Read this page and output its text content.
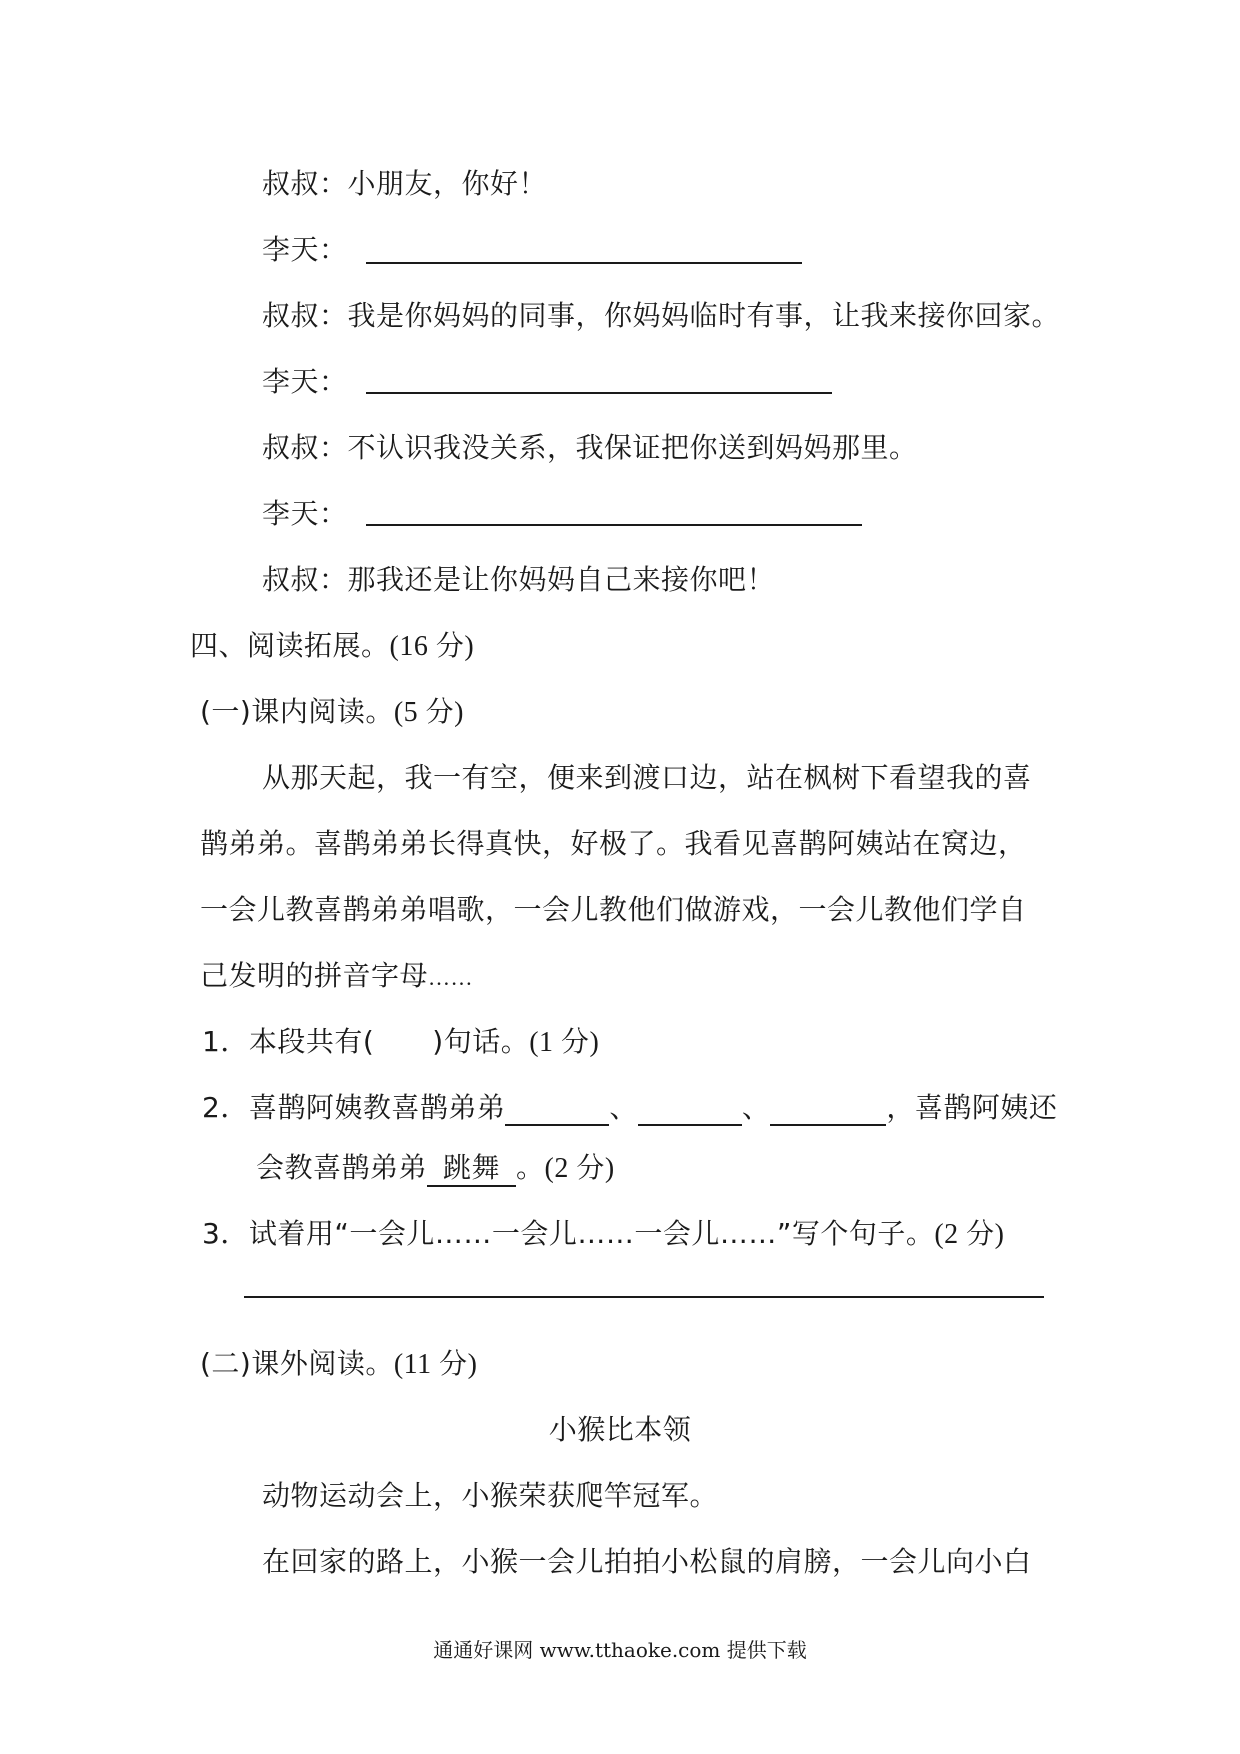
叔叔：小朋友，你好！
李天：
叔叔：我是你妈妈的同事，你妈妈临时有事，让我来接你回家。
李天：
叔叔：不认识我没关系，我保证把你送到妈妈那里。
李天：
叔叔：那我还是让你妈妈自己来接你吧！
四、阅读拓展。(16 分)
(一)课内阅读。(5 分)
从那天起，我一有空，便来到渡口边，站在枫树下看望我的喜
鹊弟弟。喜鹊弟弟长得真快，好极了。我看见喜鹊阿姨站在窝边，
一会儿教喜鹊弟弟唱歌，一会儿教他们做游戏，一会儿教他们学自
己发明的拼音字母……
1．本段共有( )句话。(1 分)
2．喜鹊阿姨教喜鹊弟弟	、	、	，喜鹊阿姨还
会教喜鹊弟弟 跳舞 。(2 分)
3．试着用“一会儿……一会儿……一会儿……”写个句子。(2 分)
(二)课外阅读。(11 分)
小猴比本领
动物运动会上，小猴荣获爬竿冠军。
在回家的路上，小猴一会儿拍拍小松鼠的肩膀，一会儿向小白
通通好课网 www.tthaoke.com 提供下载
